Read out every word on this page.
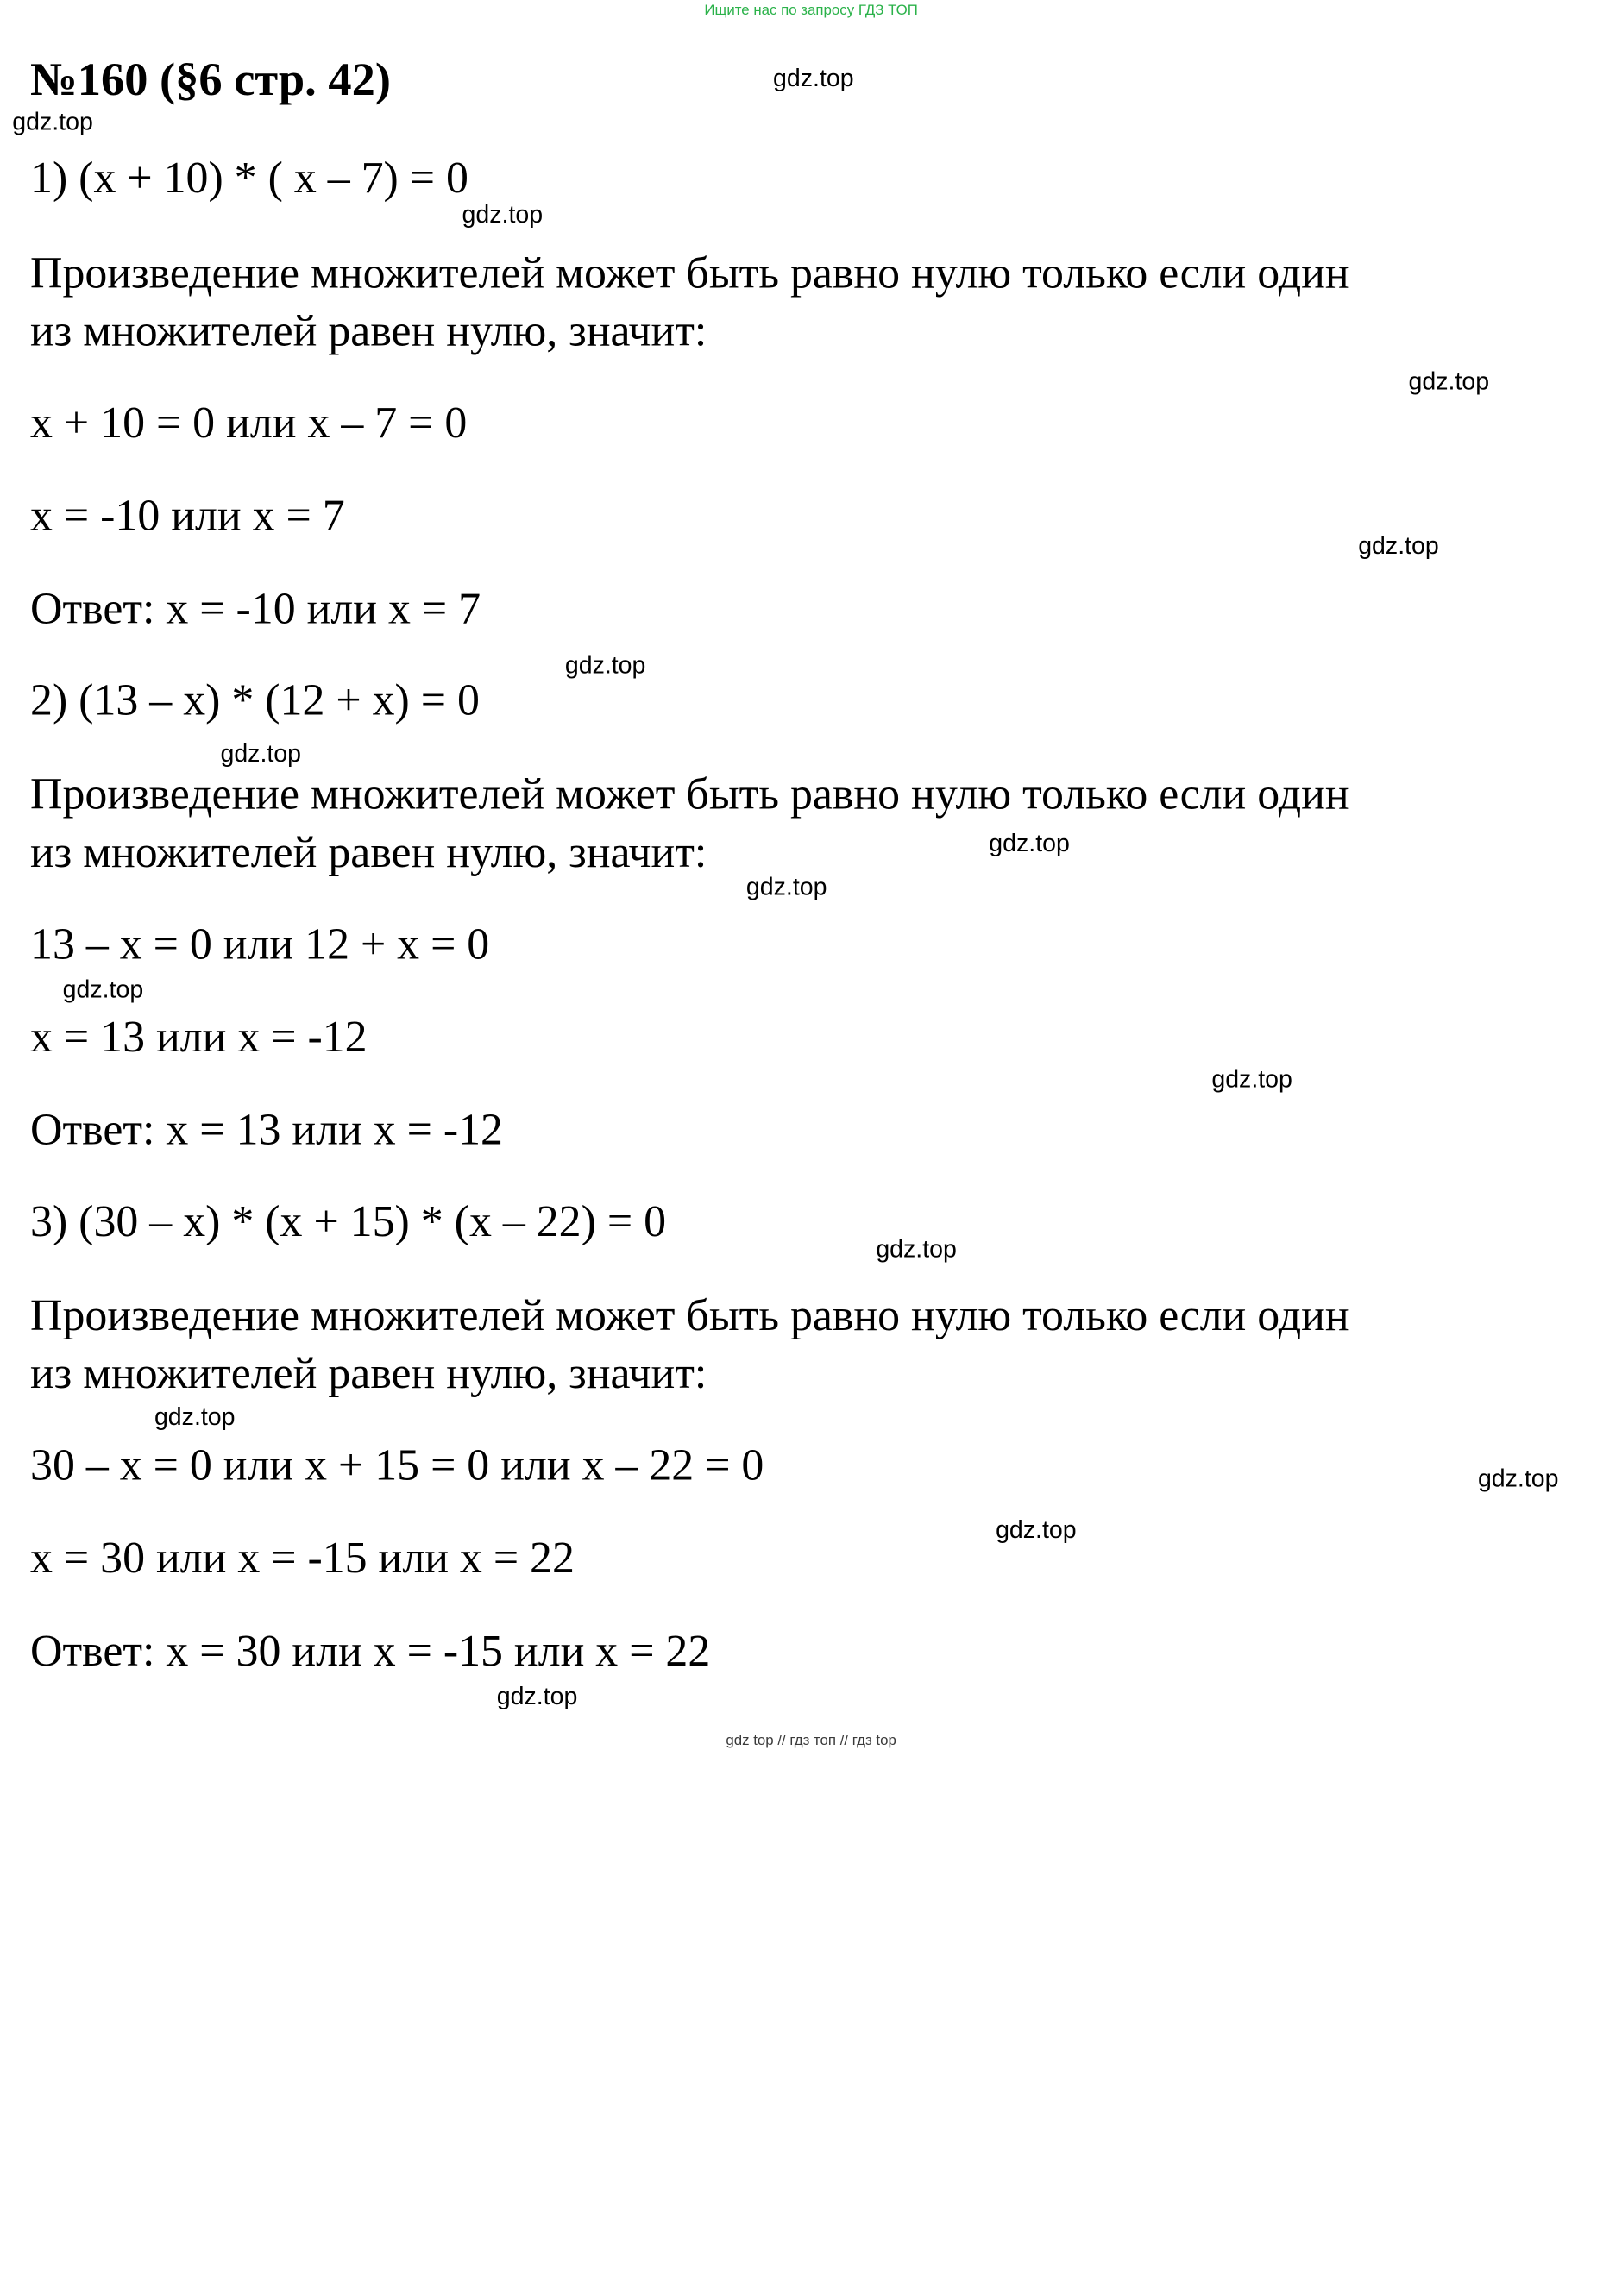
Ищите нас по запросу ГДЗ ТОП
№160 (§6 стр. 42)
1) (x + 10) * ( x – 7) = 0
Произведение множителей может быть равно нулю только если один
из множителей равен нулю, значит:
x + 10 = 0 или x – 7 = 0
x = -10 или x = 7
Ответ: x = -10 или x = 7
2) (13 – x) * (12 + x) = 0
Произведение множителей может быть равно нулю только если один
из множителей равен нулю, значит:
13 – x = 0 или 12 + x = 0
x = 13 или x = -12
Ответ: x = 13 или x = -12
3) (30 – x) * (x + 15) * (x – 22) = 0
Произведение множителей может быть равно нулю только если один
из множителей равен нулю, значит:
30 – x = 0 или x + 15 = 0 или x – 22 = 0
x = 30 или x = -15 или x = 22
Ответ: x = 30 или x = -15 или x = 22
gdz.top
gdz.top
gdz.top
gdz.top
gdz.top
gdz.top
gdz.top
gdz.top
gdz.top
gdz.top
gdz.top
gdz.top
gdz.top
gdz.top
gdz.top
gdz.top
gdz top // гдз топ // гдз top
